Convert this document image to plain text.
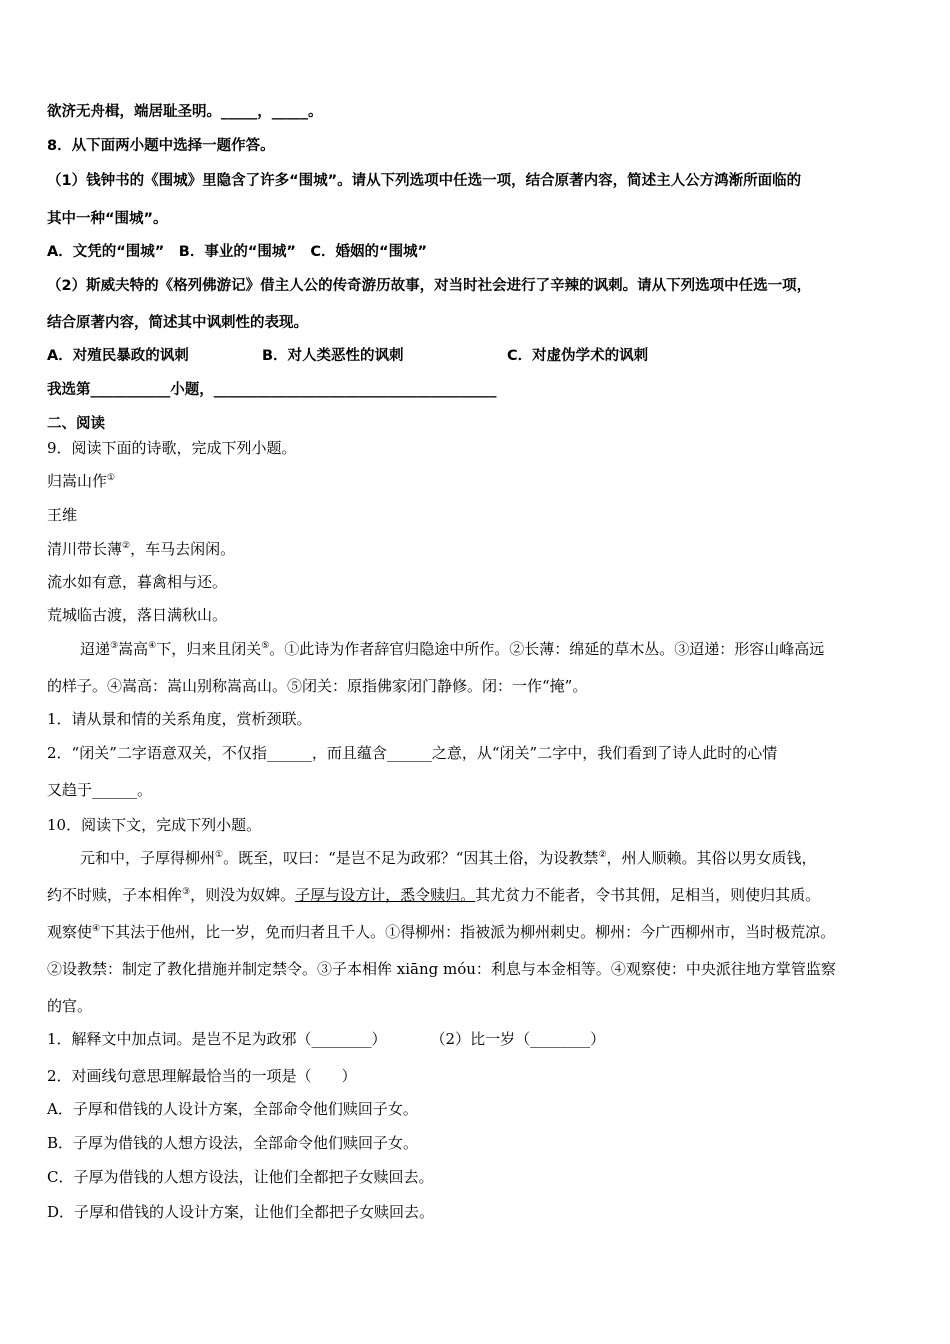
欲济无舟楫，端居耻圣明。_____，_____。
8．从下面两小题中选择一题作答。
（1）钱钟书的《围城》里隐含了许多“围城”。请从下列选项中任选一项，结合原著内容，简述主人公方鸿渐所面临的
其中一种“围城”。
A．文凭的“围城”　B．事业的“围城”　C．婚姻的“围城”
（2）斯威夫特的《格列佛游记》借主人公的传奇游历故事，对当时社会进行了辛辣的讽刺。请从下列选项中任选一项，
结合原著内容，简述其中讽刺性的表现。
A．对殖民暴政的讽刺	B．对人类恶性的讽刺	C．对虚伪学术的讽刺
我选第___________小题，_______________________________________
二、阅读
9．阅读下面的诗歌，完成下列小题。
归嵩山作①
王维
清川带长薄②，车马去闲闲。
流水如有意，暮禽相与还。
荒城临古渡，落日满秋山。
迢递③嵩高④下，归来且闭关⑤。①此诗为作者辞官归隐途中所作。②长薄：绵延的草木丛。③迢递：形容山峰高远
的样子。④嵩高：嵩山别称嵩高山。⑤闭关：原指佛家闭门静修。闭：一作“掩”。
1．请从景和情的关系角度，赏析颈联。
2．“闭关”二字语意双关，不仅指______，而且蕴含______之意，从“闭关”二字中，我们看到了诗人此时的心情
又趋于______。
10．阅读下文，完成下列小题。
元和中，子厚得柳州①。既至，叹曰：“是岂不足为政邪？“因其土俗，为设教禁②，州人顺赖。其俗以男女质钱，
约不时赎，子本相侔③，则没为奴婢。子厚与设方计，悉令赎归。其尤贫力不能者，令书其佣，足相当，则使归其质。
观察使④下其法于他州，比一岁，免而归者且千人。①得柳州：指被派为柳州刺史。柳州：今广西柳州市，当时极荒凉。
②设教禁：制定了教化措施并制定禁令。③子本相侔 xiāng móu：利息与本金相等。④观察使：中央派往地方掌管监察
的官。
1．解释文中加点词。是岂不足为政邪（________）	（2）比一岁（________）
2．对画线句意思理解最恰当的一项是（　　）
A．子厚和借钱的人设计方案，全部命令他们赎回子女。
B．子厚为借钱的人想方设法，全部命令他们赎回子女。
C．子厚为借钱的人想方设法，让他们全都把子女赎回去。
D．子厚和借钱的人设计方案，让他们全都把子女赎回去。
